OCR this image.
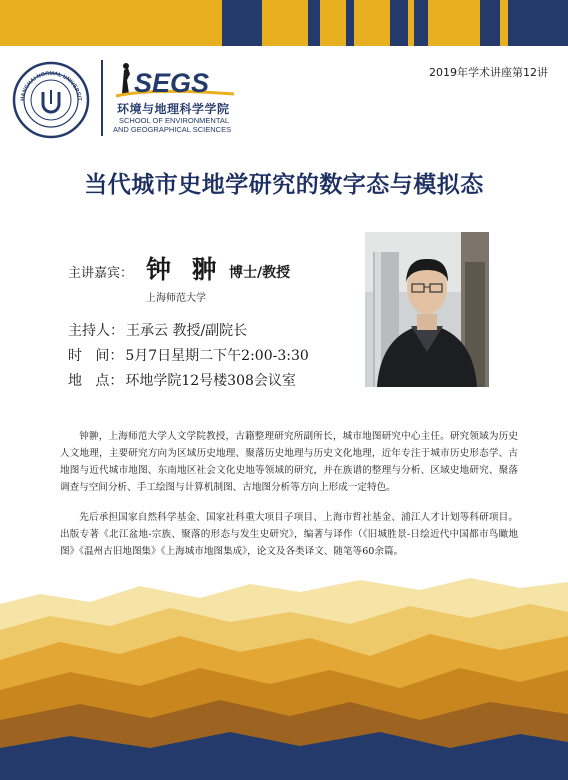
HANGHAI NORMAL UNIVERSIT
SEGS
环境与地理科学学院
SCHOOL OF ENVIRONMENTAL
AND GEOGRAPHICAL SCIENCES
2019年学术讲座第12讲
当代城市史地学研究的数字态与模拟态
主讲嘉宾： 钟 翀 博士/教授
上海师范大学
主持人： 王承云 教授/副院长
时   间： 5月7日星期二下午2:00-3:30
地   点： 环地学院12号楼308会议室

钟翀，上海师范大学人文学院教授，古籍整理研究所副所长，城市地图研究中心主任。研究领域为历史人文地理，主要研究方向为区域历史地理、聚落历史地理与历史文化地理，近年专注于城市历史形态学、古地图与近代城市地图、东南地区社会文化史地等领域的研究，并在族谱的整理与分析、区域史地研究、聚落调查与空间分析、手工绘图与计算机制图、古地图分析等方向上形成一定特色。

先后承担国家自然科学基金、国家社科重大项目子项目、上海市哲社基金、浦江人才计划等科研项目。出版专著《北江盆地-宗族、聚落的形态与发生史研究》，编著与译作（《旧城胜景-日绘近代中国都市鸟瞰地图》《温州古旧地图集》《上海城市地图集成》，论文及各类译文、随笔等60余篇。
